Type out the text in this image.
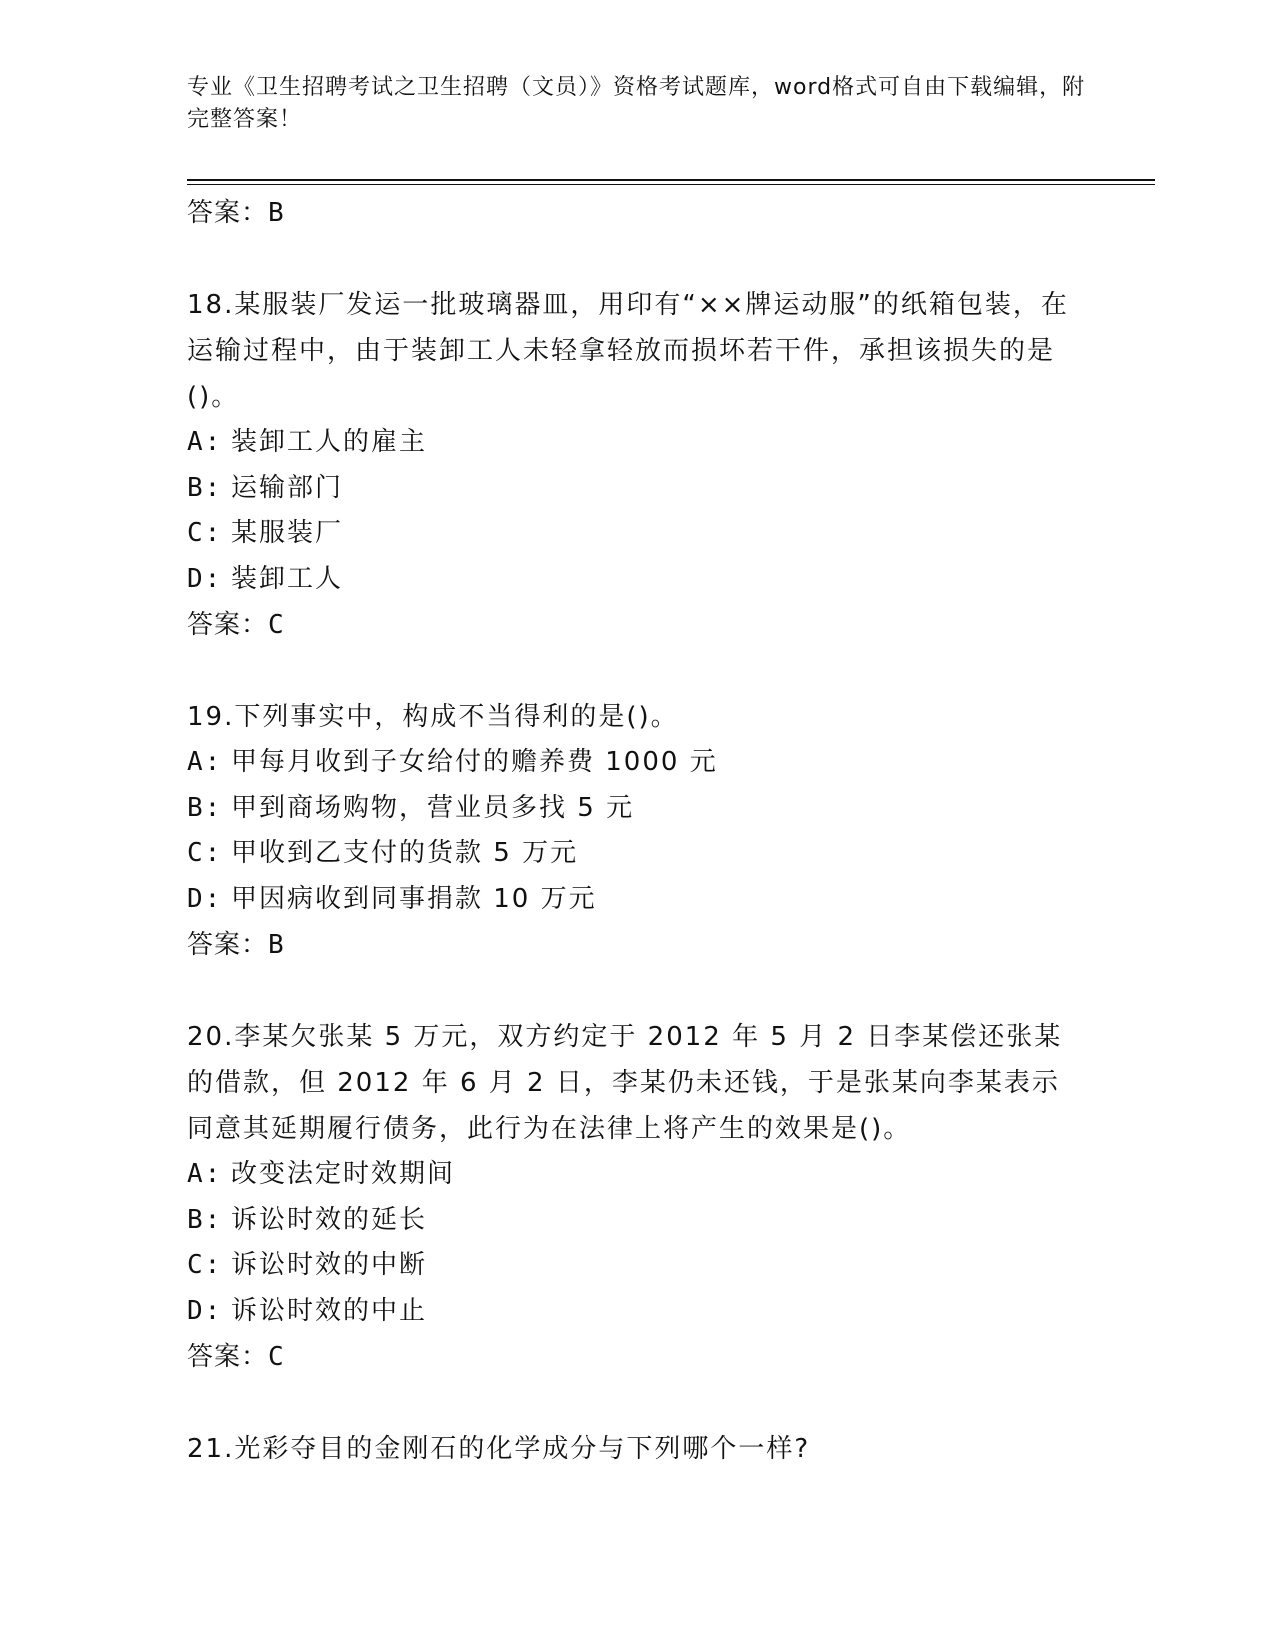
专业《卫生招聘考试之卫生招聘（文员）》资格考试题库，word格式可自由下载编辑，附完整答案！

答案：B

18.某服装厂发运一批玻璃器皿，用印有“××牌运动服”的纸箱包装，在运输过程中，由于装卸工人未轻拿轻放而损坏若干件，承担该损失的是()。

A: 装卸工人的雇主

B: 运输部门

C: 某服装厂

D: 装卸工人

答案：C

19.下列事实中，构成不当得利的是()。

A: 甲每月收到子女给付的赡养费 1000 元

B: 甲到商场购物，营业员多找 5 元

C: 甲收到乙支付的货款 5 万元

D: 甲因病收到同事捐款 10 万元

答案：B

20.李某欠张某 5 万元，双方约定于 2012 年 5 月 2 日李某偿还张某的借款，但 2012 年 6 月 2 日，李某仍未还钱，于是张某向李某表示同意其延期履行债务，此行为在法律上将产生的效果是()。

A: 改变法定时效期间

B: 诉讼时效的延长

C: 诉讼时效的中断

D: 诉讼时效的中止

答案：C

21.光彩夺目的金刚石的化学成分与下列哪个一样?
